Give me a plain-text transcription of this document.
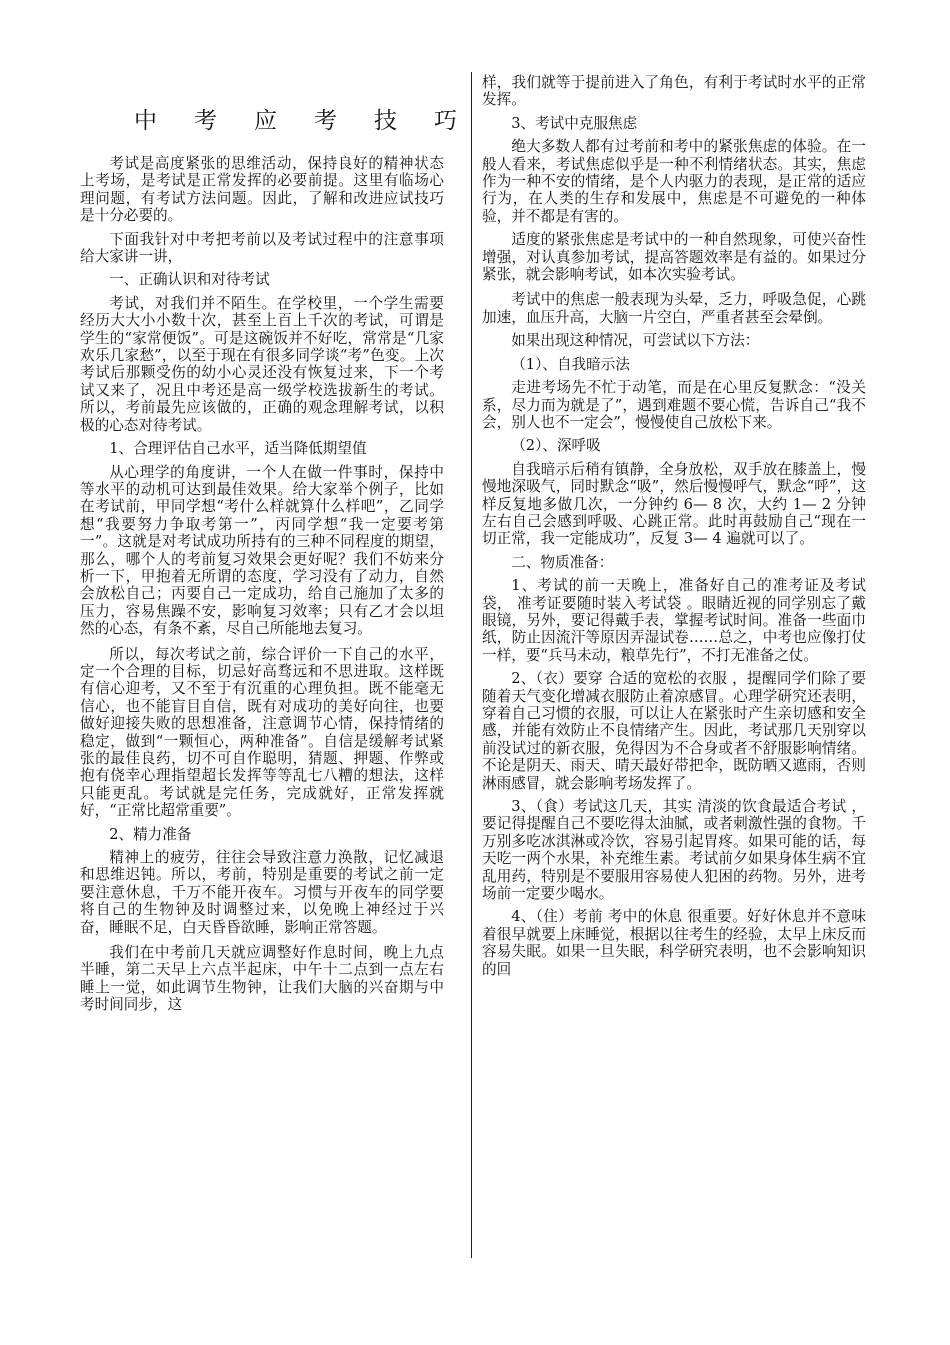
中考应考技巧

考试是高度紧张的思维活动，保持良好的精神状态上考场，是考试是正常发挥的必要前提。这里有临场心理问题，有考试方法问题。因此，了解和改进应试技巧是十分必要的。

下面我针对中考把考前以及考试过程中的注意事项给大家讲一讲，

一、正确认识和对待考试

考试，对我们并不陌生。在学校里，一个学生需要经历大大小小数十次，甚至上百上千次的考试，可谓是学生的“家常便饭”。可是这碗饭并不好吃，常常是“几家欢乐几家愁”，以至于现在有很多同学谈“考”色变。上次考试后那颗受伤的幼小心灵还没有恢复过来，下一个考试又来了，况且中考还是高一级学校选拔新生的考试。所以，考前最先应该做的，正确的观念理解考试，以积极的心态对待考试。

1、合理评估自己水平，适当降低期望值

从心理学的角度讲，一个人在做一件事时，保持中等水平的动机可达到最佳效果。给大家举个例子，比如在考试前，甲同学想“考什么样就算什么样吧”，乙同学想“我要努力争取考第一”，丙同学想“我一定要考第一”。这就是对考试成功所持有的三种不同程度的期望，那么，哪个人的考前复习效果会更好呢？我们不妨来分析一下，甲抱着无所谓的态度，学习没有了动力，自然会放松自己；丙要自己一定成功，给自己施加了太多的压力，容易焦躁不安，影响复习效率；只有乙才会以坦然的心态，有条不紊，尽自己所能地去复习。

所以，每次考试之前，综合评价一下自己的水平，定一个合理的目标，切忌好高骛远和不思进取。这样既有信心迎考，又不至于有沉重的心理负担。既不能毫无信心，也不能盲目自信，既有对成功的美好向往，也要做好迎接失败的思想准备，注意调节心情，保持情绪的稳定，做到“一颗恒心，两种准备”。自信是缓解考试紧张的最佳良药，切不可自作聪明，猜题、押题、作弊或抱有侥幸心理指望超长发挥等等乱七八糟的想法，这样只能更乱。考试就是完任务，完成就好，正常发挥就好，“正常比超常重要”。

2、精力准备

精神上的疲劳，往往会导致注意力涣散，记忆减退和思维迟钝。所以，考前，特别是重要的考试之前一定要注意休息，千万不能开夜车。习惯与开夜车的同学要将自己的生物钟及时调整过来，以免晚上神经过于兴奋，睡眠不足，白天昏昏欲睡，影响正常答题。

我们在中考前几天就应调整好作息时间，晚上九点半睡，第二天早上六点半起床，中午十二点到一点左右睡上一觉，如此调节生物钟，让我们大脑的兴奋期与中考时间同步，这

样，我们就等于提前进入了角色，有利于考试时水平的正常发挥。

3、考试中克服焦虑

绝大多数人都有过考前和考中的紧张焦虑的体验。在一般人看来，考试焦虑似乎是一种不利情绪状态。其实，焦虑作为一种不安的情绪，是个人内驱力的表现，是正常的适应行为，在人类的生存和发展中，焦虑是不可避免的一种体验，并不都是有害的。

适度的紧张焦虑是考试中的一种自然现象，可使兴奋性增强，对认真参加考试，提高答题效率是有益的。如果过分紧张，就会影响考试，如本次实验考试。

考试中的焦虑一般表现为头晕，乏力，呼吸急促，心跳加速，血压升高，大脑一片空白，严重者甚至会晕倒。

如果出现这种情况，可尝试以下方法：

（1）、自我暗示法

走进考场先不忙于动笔，而是在心里反复默念：“没关系，尽力而为就是了”，遇到难题不要心慌，告诉自己“我不会，别人也不一定会”，慢慢使自己放松下来。

（2）、深呼吸

自我暗示后稍有镇静，全身放松，双手放在膝盖上，慢慢地深吸气，同时默念“吸”，然后慢慢呼气，默念“呼”，这样反复地多做几次，一分钟约 6— 8 次，大约 1— 2 分钟左右自己会感到呼吸、心跳正常。此时再鼓励自己“现在一切正常，我一定能成功”，反复 3— 4 遍就可以了。

二、物质准备：

1、考试的前一天晚上，准备好自己的准考证及考试袋， 准考证要随时装入考试袋 。眼睛近视的同学别忘了戴眼镜，另外，要记得戴手表，掌握考试时间。准备一些面巾纸，防止因流汗等原因弄湿试卷……总之，中考也应像打仗一样，要“兵马未动，粮草先行”，不打无准备之仗。

2、（衣）要穿 合适的宽松的衣服 ，提醒同学们除了要随着天气变化增减衣服防止着凉感冒。心理学研究还表明，穿着自己习惯的衣服，可以让人在紧张时产生亲切感和安全感，并能有效防止不良情绪产生。因此，考试那几天别穿以前没试过的新衣服，免得因为不合身或者不舒服影响情绪。不论是阴天、雨天、晴天最好带把伞，既防晒又遮雨，否则淋雨感冒，就会影响考场发挥了。

3、（食）考试这几天，其实 清淡的饮食最适合考试 ，要记得提醒自己不要吃得太油腻，或者刺激性强的食物。千万别多吃冰淇淋或冷饮，容易引起胃疼。如果可能的话，每天吃一两个水果，补充维生素。考试前夕如果身体生病不宜乱用药，特别是不要服用容易使人犯困的药物。另外，进考场前一定要少喝水。

4、（住）考前 考中的休息 很重要。好好休息并不意味着很早就要上床睡觉，根据以往考生的经验，太早上床反而容易失眠。如果一旦失眠，科学研究表明，也不会影响知识的回
